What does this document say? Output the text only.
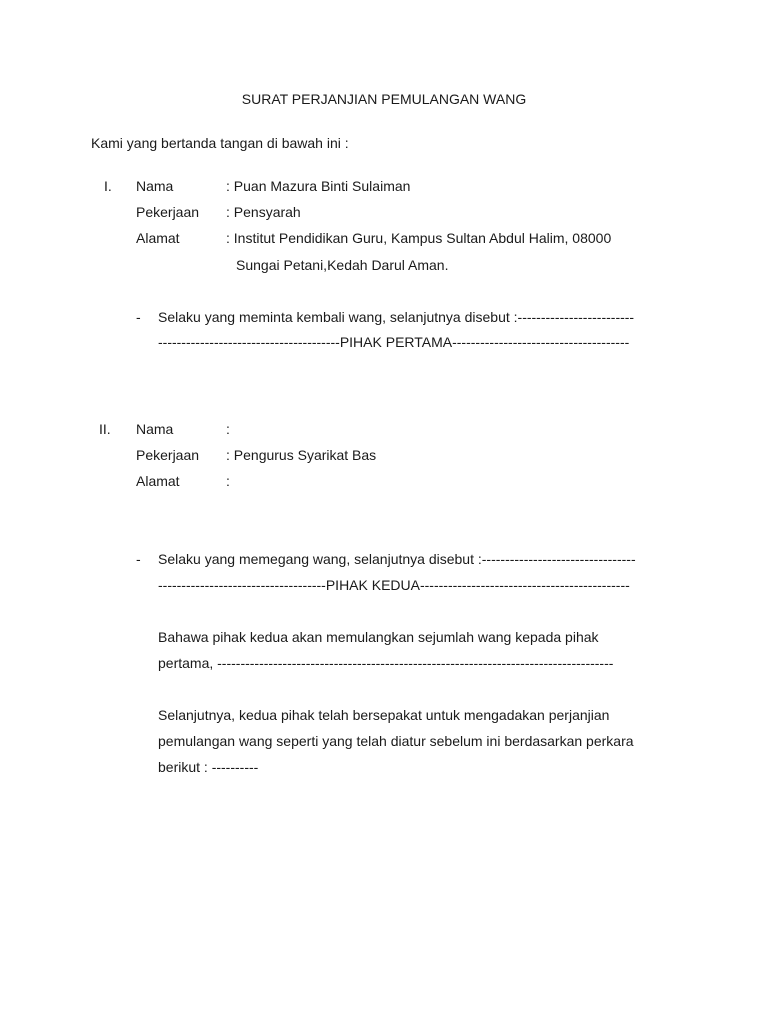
SURAT PERJANJIAN PEMULANGAN WANG
Kami yang bertanda tangan di bawah ini :
I. Nama	: Puan Mazura Binti Sulaiman
Pekerjaan : Pensyarah
Alamat	: Institut Pendidikan Guru, Kampus Sultan Abdul Halim, 08000
Sungai Petani,Kedah Darul Aman.
- Selaku yang meminta kembali wang, selanjutnya disebut :-------------------------
---------------------------------------PIHAK PERTAMA--------------------------------------
II. Nama	:
Pekerjaan : Pengurus Syarikat Bas
Alamat	:
- Selaku yang memegang wang, selanjutnya disebut :---------------------------------
------------------------------------PIHAK KEDUA---------------------------------------------
Bahawa pihak kedua akan memulangkan sejumlah wang kepada pihak
pertama, -------------------------------------------------------------------------------------
Selanjutnya, kedua pihak telah bersepakat untuk mengadakan perjanjian
pemulangan wang seperti yang telah diatur sebelum ini berdasarkan perkara
berikut : ----------
